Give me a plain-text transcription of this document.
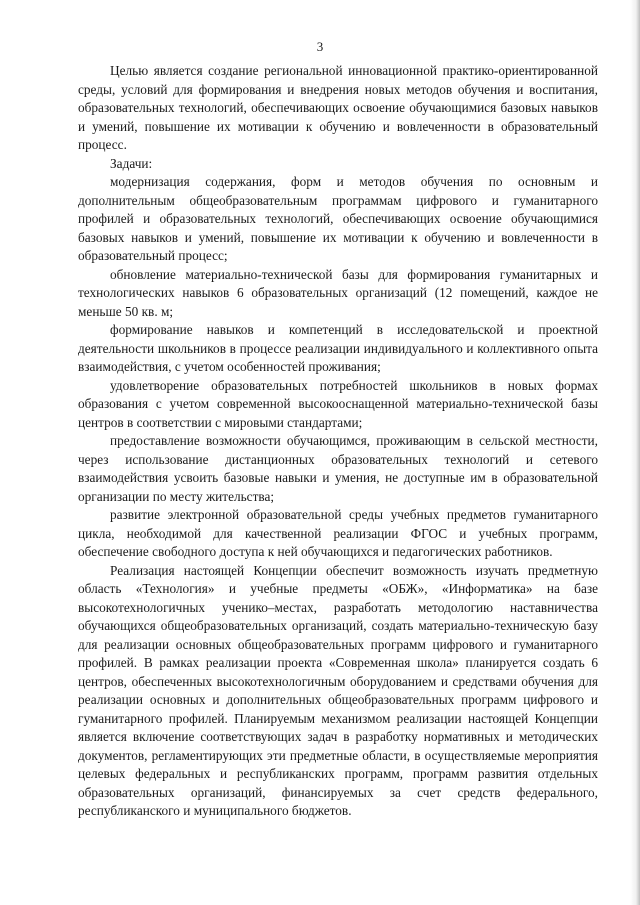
3

Целью является создание региональной инновационной практико-ориентированной среды, условий для формирования и внедрения новых методов обучения и воспитания, образовательных технологий, обеспечивающих освоение обучающимися базовых навыков и умений, повышение их мотивации к обучению и вовлеченности в образовательный процесс.

Задачи:

модернизация содержания, форм и методов обучения по основным и дополнительным общеобразовательным программам цифрового и гуманитарного профилей и образовательных технологий, обеспечивающих освоение обучающимися базовых навыков и умений, повышение их мотивации к обучению и вовлеченности в образовательный процесс;

обновление материально-технической базы для формирования гуманитарных и технологических навыков 6 образовательных организаций (12 помещений, каждое не меньше 50 кв. м;

формирование навыков и компетенций в исследовательской и проектной деятельности школьников в процессе реализации индивидуального и коллективного опыта взаимодействия, с учетом особенностей проживания;

удовлетворение образовательных потребностей школьников в новых формах образования с учетом современной высокооснащенной материально-технической базы центров в соответствии с мировыми стандартами;

предоставление возможности обучающимся, проживающим в сельской местности, через использование дистанционных образовательных технологий и сетевого взаимодействия усвоить базовые навыки и умения, не доступные им в образовательной организации по месту жительства;

развитие электронной образовательной среды учебных предметов гуманитарного цикла, необходимой для качественной реализации ФГОС и учебных программ, обеспечение свободного доступа к ней обучающихся и педагогических работников.

Реализация настоящей Концепции обеспечит возможность изучать предметную область «Технология» и учебные предметы «ОБЖ», «Информатика» на базе высокотехнологичных ученико–местах, разработать методологию наставничества обучающихся общеобразовательных организаций, создать материально-техническую базу для реализации основных общеобразовательных программ цифрового и гуманитарного профилей. В рамках реализации проекта «Современная школа» планируется создать 6 центров, обеспеченных высокотехнологичным оборудованием и средствами обучения для реализации основных и дополнительных общеобразовательных программ цифрового и гуманитарного профилей. Планируемым механизмом реализации настоящей Концепции является включение соответствующих задач в разработку нормативных и методических документов, регламентирующих эти предметные области, в осуществляемые мероприятия целевых федеральных и республиканских программ, программ развития отдельных образовательных организаций, финансируемых за счет средств федерального, республиканского и муниципального бюджетов.
